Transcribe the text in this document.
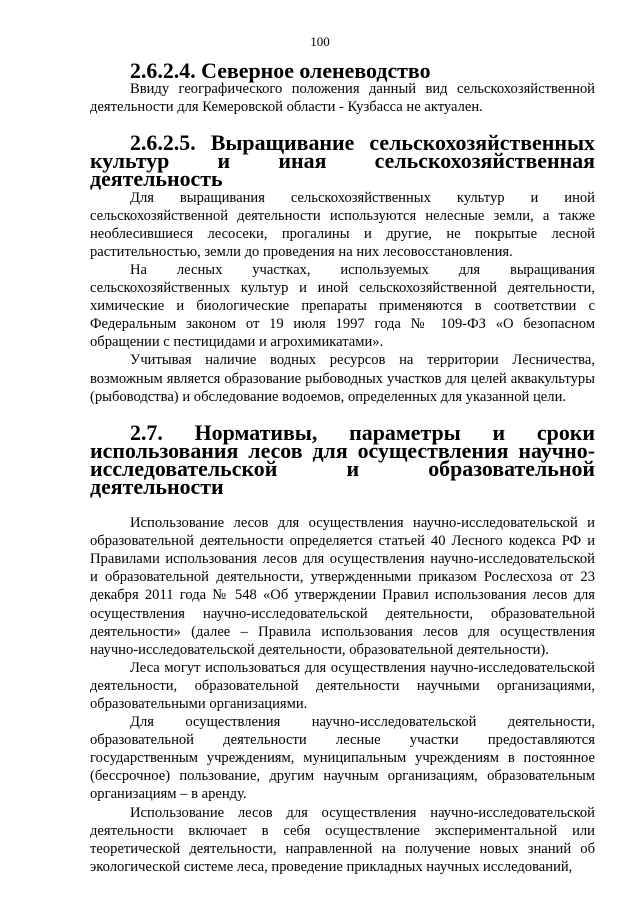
100
2.6.2.4. Северное оленеводство

Ввиду географического положения данный вид сельскохозяйственной деятельности для Кемеровской области - Кузбасса не актуален.

2.6.2.5. Выращивание сельскохозяйственных культур и иная сельскохозяйственная деятельность

Для выращивания сельскохозяйственных культур и иной сельскохозяйственной деятельности используются нелесные земли, а также необлесившиеся лесосеки, прогалины и другие, не покрытые лесной растительностью, земли до проведения на них лесовосстановления.

На лесных участках, используемых для выращивания сельскохозяйственных культур и иной сельскохозяйственной деятельности, химические и биологические препараты применяются в соответствии с Федеральным законом от 19 июля 1997 года № 109-ФЗ «О безопасном обращении с пестицидами и агрохимикатами».

Учитывая наличие водных ресурсов на территории Лесничества, возможным является образование рыбоводных участков для целей аквакультуры (рыбоводства) и обследование водоемов, определенных для указанной цели.

2.7. Нормативы, параметры и сроки использования лесов для осуществления научно-исследовательской и образовательной деятельности

Использование лесов для осуществления научно-исследовательской и образовательной деятельности определяется статьей 40 Лесного кодекса РФ и Правилами использования лесов для осуществления научно-исследовательской и образовательной деятельности, утвержденными приказом Рослесхоза от 23 декабря 2011 года № 548 «Об утверждении Правил использования лесов для осуществления научно-исследовательской деятельности, образовательной деятельности» (далее – Правила использования лесов для осуществления научно-исследовательской деятельности, образовательной деятельности).

Леса могут использоваться для осуществления научно-исследовательской деятельности, образовательной деятельности научными организациями, образовательными организациями.

Для осуществления научно-исследовательской деятельности, образовательной деятельности лесные участки предоставляются государственным учреждениям, муниципальным учреждениям в постоянное (бессрочное) пользование, другим научным организациям, образовательным организациям – в аренду.

Использование лесов для осуществления научно-исследовательской деятельности включает в себя осуществление экспериментальной или теоретической деятельности, направленной на получение новых знаний об экологической системе леса, проведение прикладных научных исследований,
